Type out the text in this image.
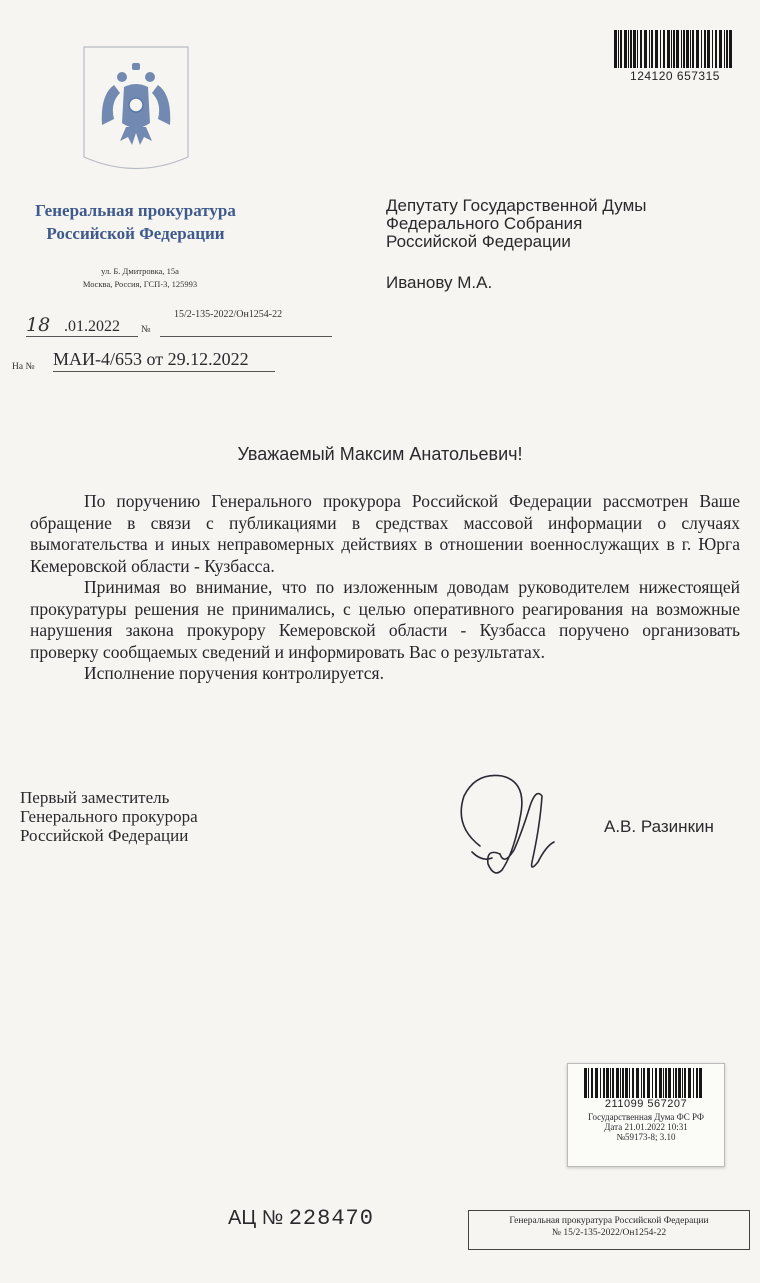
124120 657315
Генеральная прокуратура
Российской Федерации
ул. Б. Дмитровка, 15а
Москва, Россия, ГСП-3, 125993
18 .01.2022	№
15/2-135-2022/Он1254-22
На № МАИ-4/653 от 29.12.2022
Депутату Государственной Думы
Федерального Собрания
Российской Федерации
Иванову М.А.
Уважаемый Максим Анатольевич!

По поручению Генерального прокурора Российской Федерации рассмотрен Ваше обращение в связи с публикациями в средствах массовой информации о случаях вымогательства и иных неправомерных действиях в отношении военнослужащих в г. Юрга Кемеровской области - Кузбасса.

Принимая во внимание, что по изложенным доводам руководителем нижестоящей прокуратуры решения не принимались, с целью оперативного реагирования на возможные нарушения закона прокурору Кемеровской области - Кузбасса поручено организовать проверку сообщаемых сведений и информировать Вас о результатах.

Исполнение поручения контролируется.

Первый заместитель
Генерального прокурора
Российской Федерации	А.В. Разинкин
211099 567207
Государственная Дума ФС РФ
Дата 21.01.2022 10:31
№59173-8; 3.10
АЦ № 228470	Генеральная прокуратура Российской Федерации
№ 15/2-135-2022/Он1254-22
